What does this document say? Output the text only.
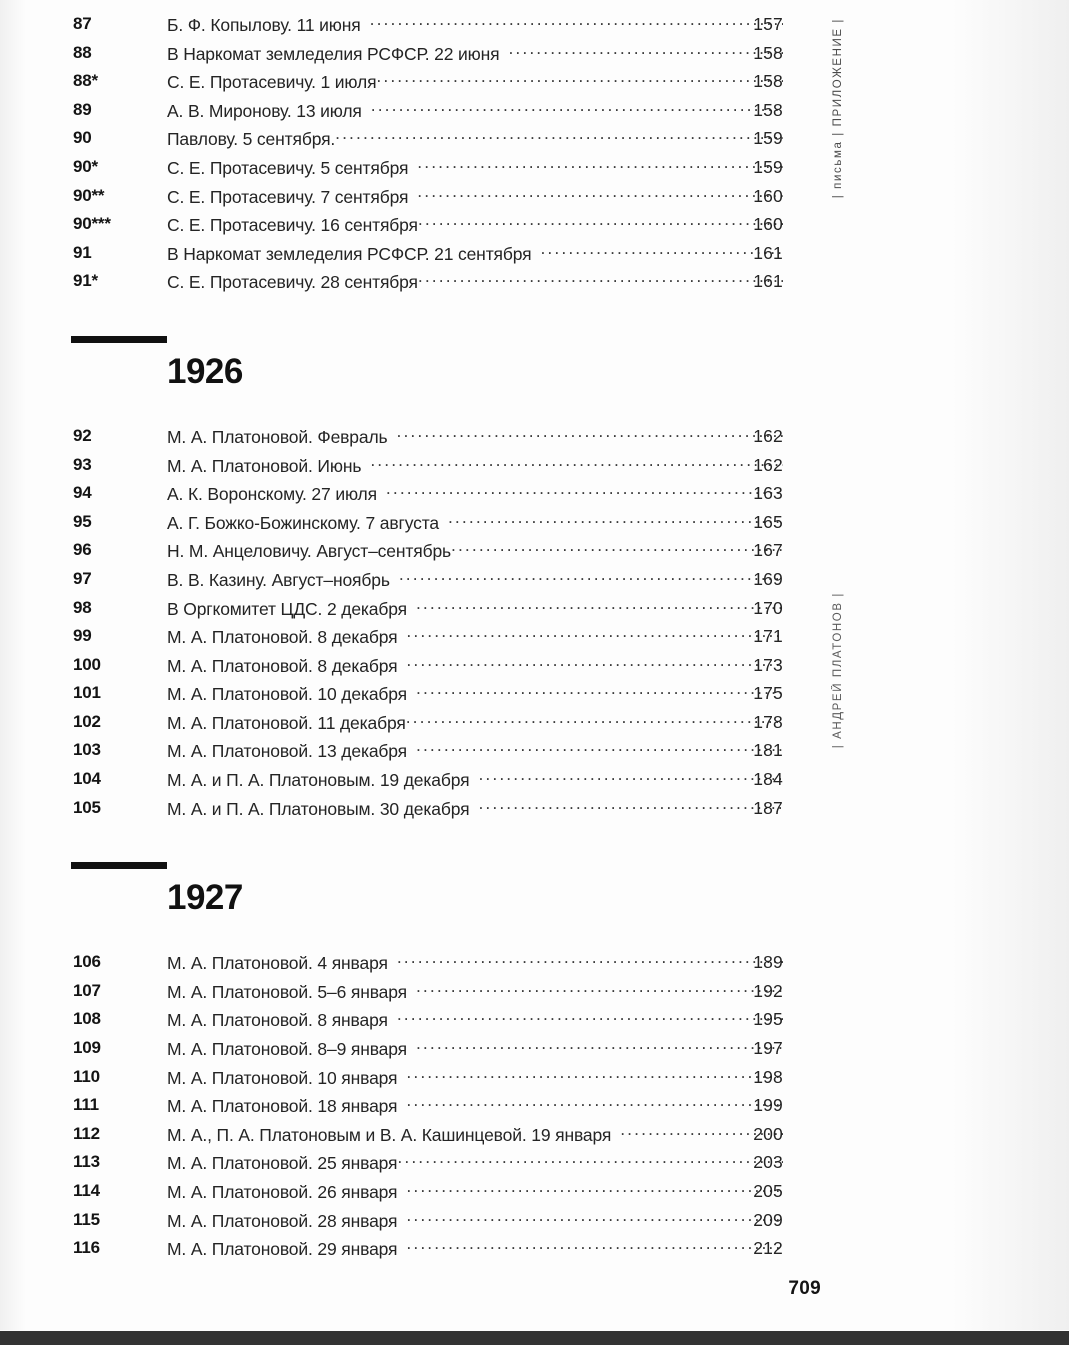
87	Б. Ф. Копылову. 11 июня .....	157
88	В Наркомат земледелия РСФСР. 22 июня .....	158
88*	С. Е. Протасевичу. 1 июля .....	158
89	А. В. Миронову. 13 июля .....	158
90	Павлову. 5 сентября. .....	159
90*	С. Е. Протасевичу. 5 сентября .....	159
90**	С. Е. Протасевичу. 7 сентября .....	160
90***	С. Е. Протасевичу. 16 сентября .....	160
91	В Наркомат земледелия РСФСР. 21 сентября .....	161
91*	С. Е. Протасевичу. 28 сентября .....	161
1926
92	М. А. Платоновой. Февраль .....	162
93	М. А. Платоновой. Июнь .....	162
94	А. К. Воронскому. 27 июля .....	163
95	А. Г. Божко-Божинскому. 7 августа .....	165
96	Н. М. Анцеловичу. Август–сентябрь .....	167
97	В. В. Казину. Август–ноябрь .....	169
98	В Оргкомитет ЦДС. 2 декабря .....	170
99	М. А. Платоновой. 8 декабря .....	171
100	М. А. Платоновой. 8 декабря .....	173
101	М. А. Платоновой. 10 декабря .....	175
102	М. А. Платоновой. 11 декабря .....	178
103	М. А. Платоновой. 13 декабря .....	181
104	М. А. и П. А. Платоновым. 19 декабря .....	184
105	М. А. и П. А. Платоновым. 30 декабря .....	187
1927
106	М. А. Платоновой. 4 января .....	189
107	М. А. Платоновой. 5–6 января .....	192
108	М. А. Платоновой. 8 января .....	195
109	М. А. Платоновой. 8–9 января .....	197
110	М. А. Платоновой. 10 января .....	198
111	М. А. Платоновой. 18 января .....	199
112	М. А., П. А. Платоновым и В. А. Кашинцевой. 19 января .....	200
113	М. А. Платоновой. 25 января .....	203
114	М. А. Платоновой. 26 января .....	205
115	М. А. Платоновой. 28 января .....	209
116	М. А. Платоновой. 29 января .....	212
| письма | ПРИЛОЖЕНИЕ |
| АНДРЕЙ ПЛАТОНОВ |
709
